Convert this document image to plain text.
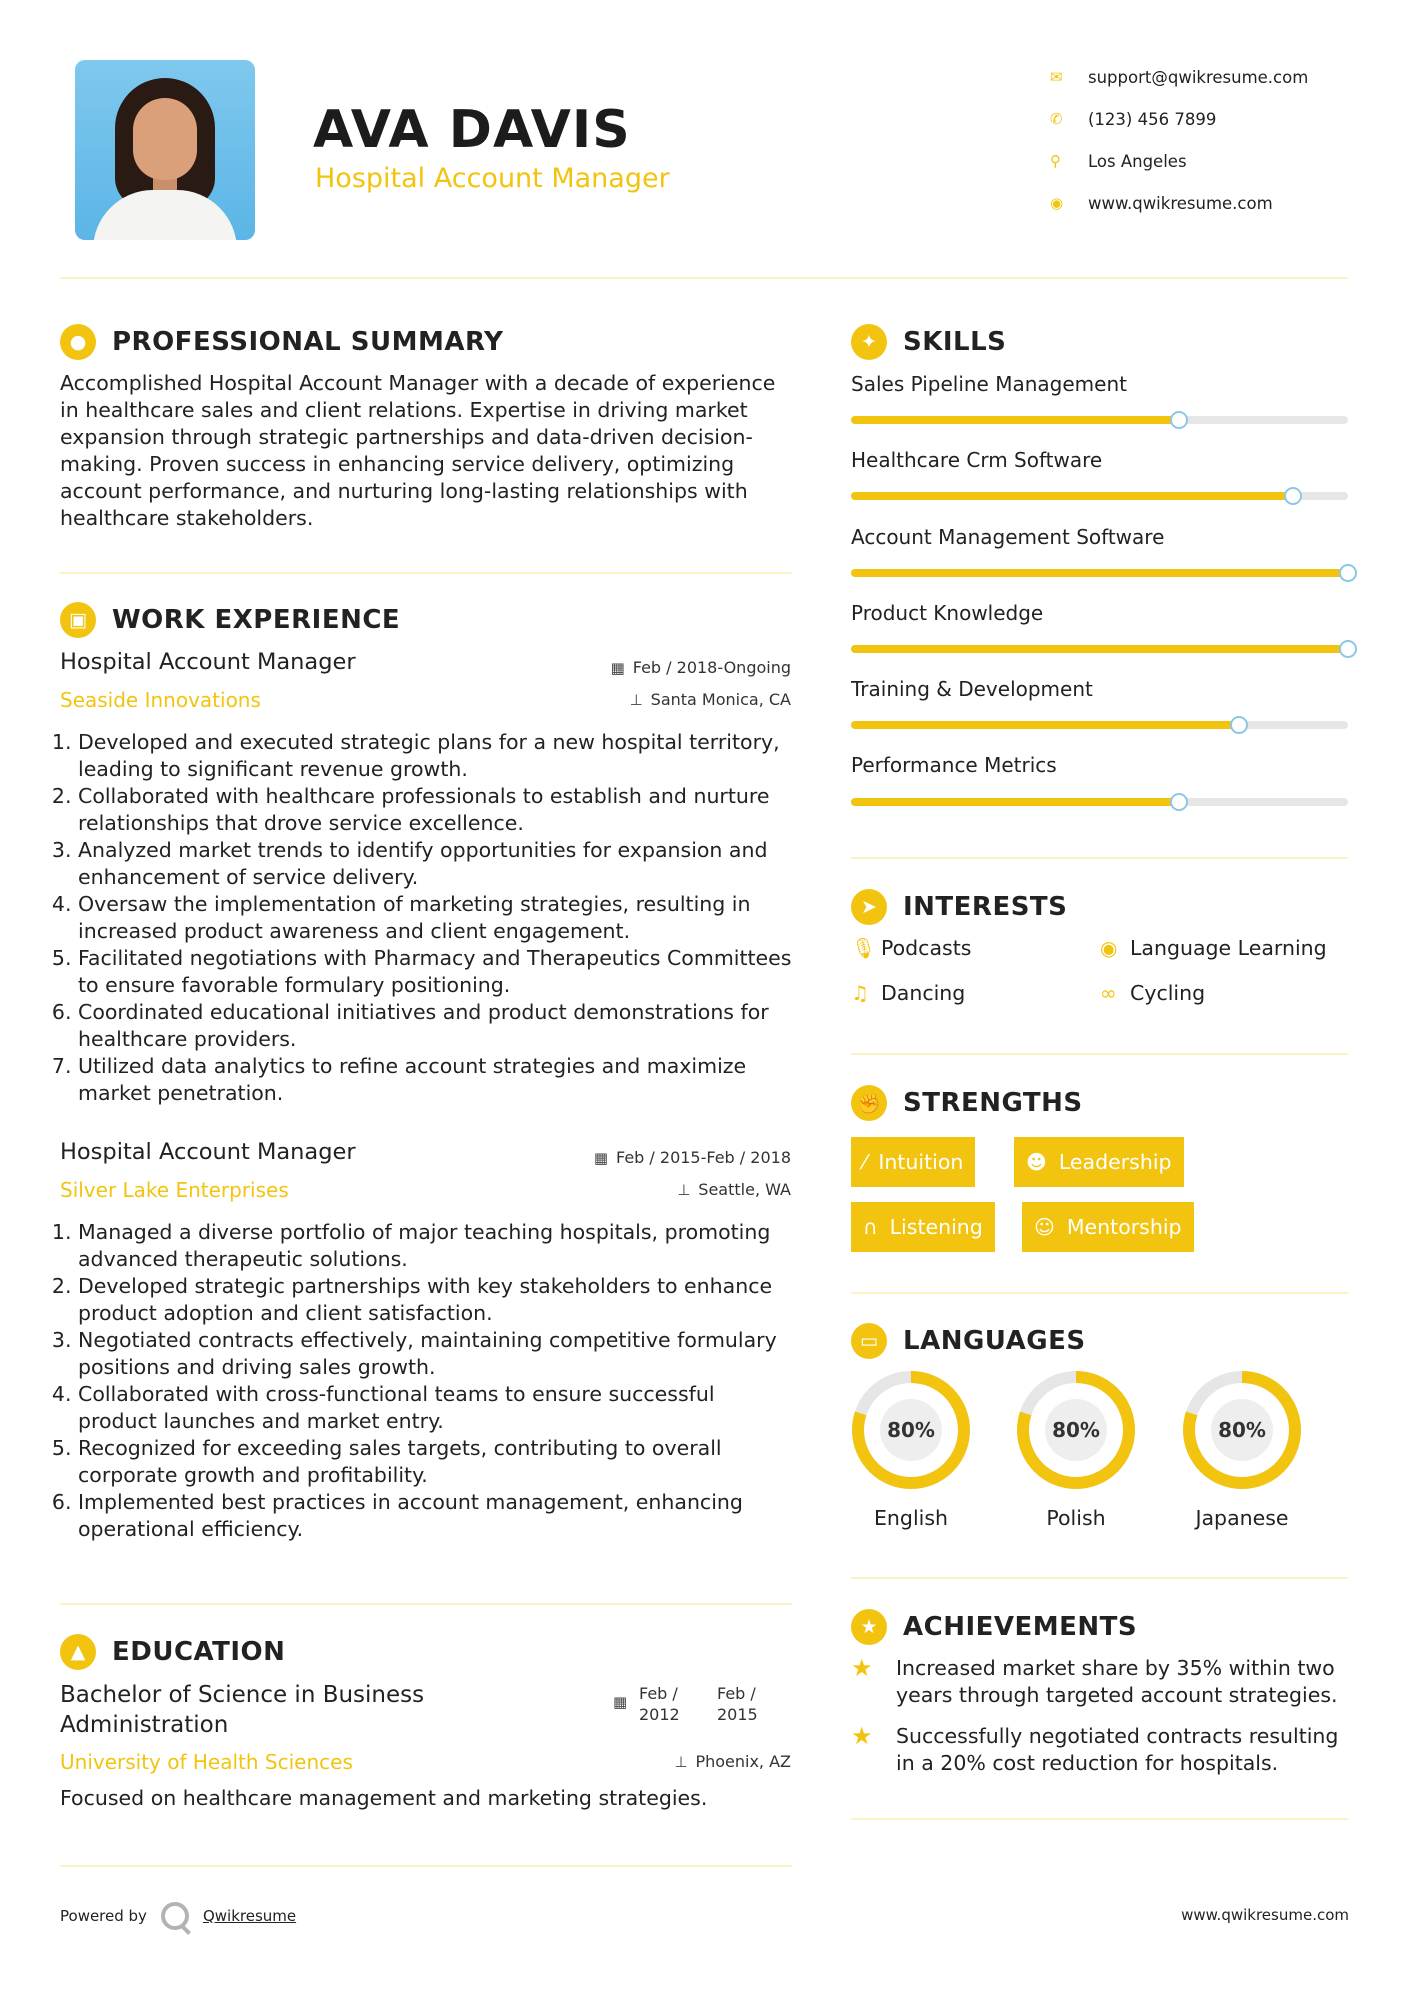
AVA DAVIS
Hospital Account Manager
✉	support@qwikresume.com
✆	(123) 456 7899
⚲	Los Angeles
◉	www.qwikresume.com
● PROFESSIONAL SUMMARY
Accomplished Hospital Account Manager with a decade of experience in healthcare sales and client relations. Expertise in driving market expansion through strategic partnerships and data-driven decision-making. Proven success in enhancing service delivery, optimizing account performance, and nurturing long-lasting relationships with healthcare stakeholders.
▣ WORK EXPERIENCE
Hospital Account Manager
Seaside Innovations
▦ Feb / 2018-Ongoing
⊥ Santa Monica, CA
1. Developed and executed strategic plans for a new hospital territory, leading to significant revenue growth.
2. Collaborated with healthcare professionals to establish and nurture relationships that drove service excellence.
3. Analyzed market trends to identify opportunities for expansion and enhancement of service delivery.
4. Oversaw the implementation of marketing strategies, resulting in increased product awareness and client engagement.
5. Facilitated negotiations with Pharmacy and Therapeutics Committees to ensure favorable formulary positioning.
6. Coordinated educational initiatives and product demonstrations for healthcare providers.
7. Utilized data analytics to refine account strategies and maximize market penetration.
Hospital Account Manager
Silver Lake Enterprises
▦ Feb / 2015-Feb / 2018
⊥ Seattle, WA
1. Managed a diverse portfolio of major teaching hospitals, promoting advanced therapeutic solutions.
2. Developed strategic partnerships with key stakeholders to enhance product adoption and client satisfaction.
3. Negotiated contracts effectively, maintaining competitive formulary positions and driving sales growth.
4. Collaborated with cross-functional teams to ensure successful product launches and market entry.
5. Recognized for exceeding sales targets, contributing to overall corporate growth and profitability.
6. Implemented best practices in account management, enhancing operational efficiency.
▲	EDUCATION
Bachelor of Science in Business Administration
▦ Feb /
2012
Feb /
2015
University of Health Sciences	⊥ Phoenix, AZ
Focused on healthcare management and marketing strategies.
✦	SKILLS
Sales Pipeline Management
Healthcare Crm Software
Account Management Software
Product Knowledge
Training & Development
Performance Metrics
➤	INTERESTS
🎙 Podcasts	◉ Language Learning
♫ Dancing	∞ Cycling
✊ STRENGTHS
⁄ Intuition	☻ Leadership
∩ Listening	☺ Mentorship
▭ LANGUAGES
80%
English
80%
Polish
80%
Japanese
★ ACHIEVEMENTS
★	Increased market share by 35% within two years through targeted account strategies.
★	Successfully negotiated contracts resulting in a 20% cost reduction for hospitals.
Powered by	Qwikresume	www.qwikresume.com
